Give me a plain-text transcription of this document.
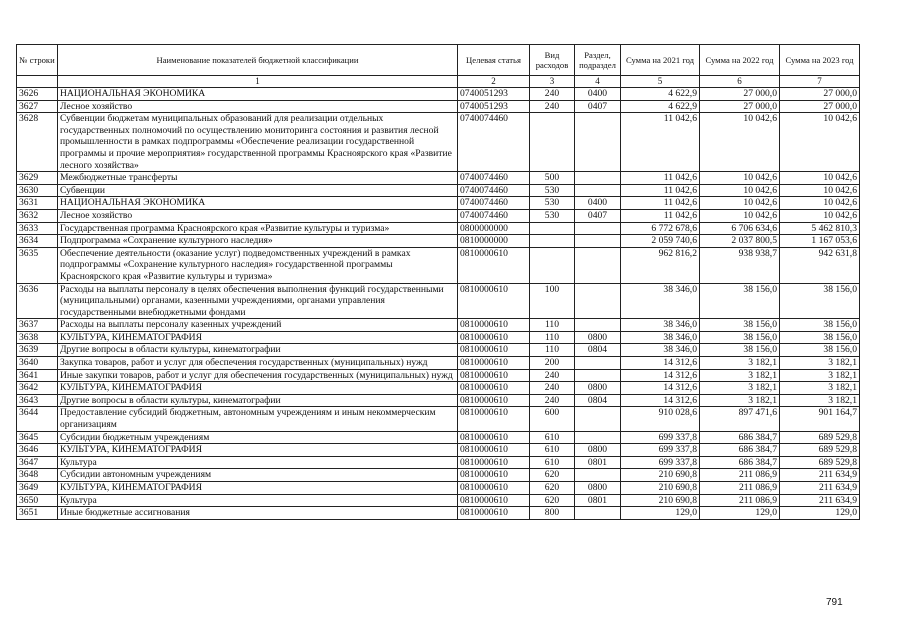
№ строки	Наименование показателей бюджетной классификации	Целевая статья	Вид расходов	Раздел, подраздел	Сумма на 2021 год	Сумма на 2022 год	Сумма на 2023 год
	1	2	3	4	5	6	7
3626	НАЦИОНАЛЬНАЯ ЭКОНОМИКА	0740051293	240	0400	4 622,9	27 000,0	27 000,0
3627	Лесное хозяйство	0740051293	240	0407	4 622,9	27 000,0	27 000,0
3628	Субвенции бюджетам муниципальных образований для реализации отдельных государственных полномочий по осуществлению мониторинга состояния и развития лесной промышленности в рамках подпрограммы «Обеспечение реализации государственной программы и прочие мероприятия» государственной программы Красноярского края «Развитие лесного хозяйства»	0740074460			11 042,6	10 042,6	10 042,6
3629	Межбюджетные трансферты	0740074460	500		11 042,6	10 042,6	10 042,6
3630	Субвенции	0740074460	530		11 042,6	10 042,6	10 042,6
3631	НАЦИОНАЛЬНАЯ ЭКОНОМИКА	0740074460	530	0400	11 042,6	10 042,6	10 042,6
3632	Лесное хозяйство	0740074460	530	0407	11 042,6	10 042,6	10 042,6
3633	Государственная программа Красноярского края «Развитие культуры и туризма»	0800000000			6 772 678,6	6 706 634,6	5 462 810,3
3634	Подпрограмма «Сохранение культурного наследия»	0810000000			2 059 740,6	2 037 800,5	1 167 053,6
3635	Обеспечение деятельности (оказание услуг) подведомственных учреждений в рамках подпрограммы «Сохранение культурного наследия» государственной программы Красноярского края «Развитие культуры и туризма»	0810000610			962 816,2	938 938,7	942 631,8
3636	Расходы на выплаты персоналу в целях обеспечения выполнения функций государственными (муниципальными) органами, казенными учреждениями, органами управления государственными внебюджетными фондами	0810000610	100		38 346,0	38 156,0	38 156,0
3637	Расходы на выплаты персоналу казенных учреждений	0810000610	110		38 346,0	38 156,0	38 156,0
3638	КУЛЬТУРА, КИНЕМАТОГРАФИЯ	0810000610	110	0800	38 346,0	38 156,0	38 156,0
3639	Другие вопросы в области культуры, кинематографии	0810000610	110	0804	38 346,0	38 156,0	38 156,0
3640	Закупка товаров, работ и услуг для обеспечения государственных (муниципальных) нужд	0810000610	200		14 312,6	3 182,1	3 182,1
3641	Иные закупки товаров, работ и услуг для обеспечения государственных (муниципальных) нужд	0810000610	240		14 312,6	3 182,1	3 182,1
3642	КУЛЬТУРА, КИНЕМАТОГРАФИЯ	0810000610	240	0800	14 312,6	3 182,1	3 182,1
3643	Другие вопросы в области культуры, кинематографии	0810000610	240	0804	14 312,6	3 182,1	3 182,1
3644	Предоставление субсидий бюджетным, автономным учреждениям и иным некоммерческим организациям	0810000610	600		910 028,6	897 471,6	901 164,7
3645	Субсидии бюджетным учреждениям	0810000610	610		699 337,8	686 384,7	689 529,8
3646	КУЛЬТУРА, КИНЕМАТОГРАФИЯ	0810000610	610	0800	699 337,8	686 384,7	689 529,8
3647	Культура	0810000610	610	0801	699 337,8	686 384,7	689 529,8
3648	Субсидии автономным учреждениям	0810000610	620		210 690,8	211 086,9	211 634,9
3649	КУЛЬТУРА, КИНЕМАТОГРАФИЯ	0810000610	620	0800	210 690,8	211 086,9	211 634,9
3650	Культура	0810000610	620	0801	210 690,8	211 086,9	211 634,9
3651	Иные бюджетные ассигнования	0810000610	800		129,0	129,0	129,0
791
